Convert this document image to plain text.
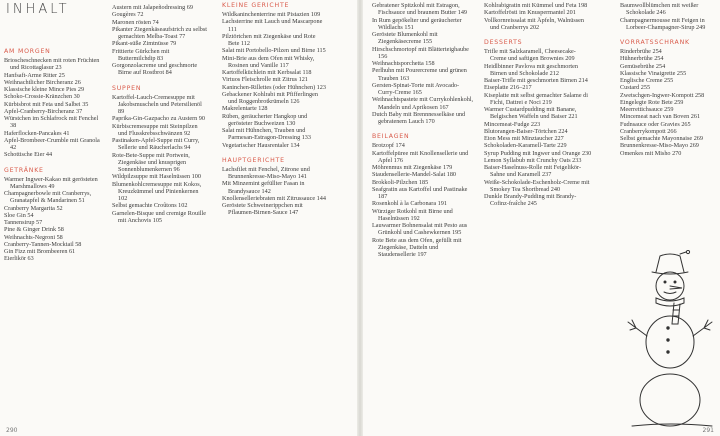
INHALT
AM MORGEN
Brioscheschnecken mit roten Früchten und Ricottaglasur 23
Hanfsaft-Arme Ritter 25
Weihnachtlicher Bircheranz 26
Klassische kleine Mince Pies 29
Schoko-Crossie-Kränzchen 30
Kürbisbrot mit Feta und Salbei 35
Apfel-Cranberry-Bircheranz 37
Würstchen im Schlafrock mit Fenchel 38
Haferflocken-Pancakes 41
Apfel-Brombeer-Crumble mit Granola 42
Schottische Eier 44
GETRÄNKE
Warmer Ingwer-Kakao mit gerösteten Marshmallows 49
Champagnerbowle mit Cranberrys, Granatapfel & Mandarinen 51
Cranberry Margarita 52
Sloe Gin 54
Tannensirup 57
Pine & Ginger Drink 58
Weihnachts-Negroni 58
Cranberry-Tannen-Mocktail 58
Gin Fizz mit Brombeeren 61
Eierlikör 63
Austern mit Jalapeñodressing 69
Gougères 72
Maronen rösten 74
Pikanter Ziegenkäseaufstrich zu selbst gemachten Melba-Toast 77
Pikant-süße Zimtnüsse 79
Frittierte Gürkchen mit Buttermilchdip 83
Gorgonzolacreme und geschmorte Birne auf Rostbrot 84
SUPPEN
Kartoffel-Lauch-Cremesuppe mit Jakobsmuscheln und Petersilienöl 89
Paprika-Gin-Gazpacho zu Austern 90
Kürbiscremesuppe mit Steinpilzen und Flusskrebsschwänzen 92
Pastinaken-Apfel-Suppe mit Curry, Sellerie und Räucherlachs 94
Rote-Bete-Suppe mit Portwein, Ziegenkäse und knusprigen Sonnenblumenkernen 96
Wildpilzsuppe mit Haselnüssen 100
Blumenkohlcremesuppe mit Kokos, Kreuzkümmel und Pinienkernen 102
Selbst gemachte Croûtons 102
Garnelen-Bisque und cremige Rouille mit Anchovis 105
KLEINE GERICHTE
Wildkaninchenterrine mit Pistazien 109
Lachsterrine mit Lauch und Mascarpone 111
Pilztörtchen mit Ziegenkäse und Rote Bete 112
Salat mit Portobello-Pilzen und Birne 115
Mini-Brie aus dem Ofen mit Whisky, Rosinen und Vanille 117
Kartoffelküchlein mit Kerbsalat 118
Virtuos Fleischrolle mit Zitrus 121
Kaninchen-Rillettes (oder Hühnchen) 123
Gebackener Kohlrabi mit Pfifferlingen und Roggenbrotkrümeln 126
Makrelentarte 128
Rüben, geräucherter Hangkop und gerösteter Buchweizen 130
Salat mit Hühnchen, Trauben und Parmesan-Estragon-Dressing 133
Vegetarischer Hausrentaler 134
HAUPTGERICHTE
Lachsfilet mit Fenchel, Zitrone und Brunnenkresse-Miso-Mayo 141
Mit Minzemint gefüllter Fasan in Brandysauce 142
Knollenselleriebraten mit Zitrussauce 144
Geröstete Schweinerippchen mit Pflaumen-Birnen-Sauce 147
Gebratener Spitzkohl mit Estragon, Fischsauce und braunem Butter 149
In Rum gepökelter und geräucherter Wildlachs 151
Geröstete Blumenkohl mit Ziegenkäsecreme 155
Hirschschmortopf mit Blätterteighaube 156
Weihnachtsporchetta 158
Perlhuhn mit Pourercreme und grünen Trauben 163
Gersten-Spinat-Torte mit Avocado-Curry-Creme 165
Weihnachtspastete mit Currykohlenkohl, Mandeln und Aprikosen 167
Dutch Baby mit Brennnesselkäse und gebratenem Lauch 170
BEILAGEN
Brotzopf 174
Kartoffelpüree mit Knollensellerie und Apfel 176
Möhrenmus mit Ziegenkäse 179
Staudensellerie-Mandel-Salat 180
Brokkoli-Pilzchen 185
Seafgratin aus Kartoffel und Pastinake 187
Rosenkohl à la Carbonara 191
Würziger Rotkohl mit Birne und Haselnüssen 192
Lauwarmer Bohnensalat mit Pesto aus Grünkohl und Cashewkernen 195
Rote Bete aus dem Ofen, gefüllt mit Ziegenkäse, Datteln und Staudensellerie 197
Kohlrabigratin mit Kümmel und Feta 198
Kartoffelrösti im Knuspermantel 201
Vollkornreissalat mit Äpfeln, Walnüssen und Cranberrys 202
DESSERTS
Trifle mit Salzkaramell, Cheesecake-Creme und saftigen Brownies 209
Heidlbinner Pavlova mit geschmorten Birnen und Schokolade 212
Baiser-Trifle mit geschmorten Birnen 214
Eiseplatte 216–217
Kiseplatte mit selbst gemachter Salame di Fichi, Dattrei e Noci 219
Warmer Custardpudding mit Banane, Belgischen Waffeln und Baiser 221
Mincemeat-Fudge 223
Blutorangen-Baiser-Törtchen 224
Eton Mess mit Minztaucher 227
Schokoladen-Karamell-Tarte 229
Syrup Pudding mit Ingwer und Orange 230
Lemon Syllabub mit Crunchy Oats 233
Baiser-Haselnuss-Rolle mit Feigelikör-Sahne und Karamell 237
Weiße-Schokolade-Eschenholz-Creme mit Smokey Tea Shortbread 240
Dunkle Brandy-Pudding mit Brandy-Cofinz-fraîche 245
Baumwollblümchen mit weißer Schokolade 246
Champagnermousse mit Feigen in Lorbeer-Champagner-Sirup 249
VORRATSSCHRANK
Rinderbrühe 254
Hühnerbrühe 254
Gemüsebrühe 254
Klassische Vinaigrette 255
Englische Creme 255
Custard 255
Zwetschgen-Ingwer-Kompott 258
Eingelegte Rote Bete 259
Meerrettichsauce 259
Mincemeat nach van Boven 261
Fudnsauce oder Gravies 265
Cranberrykompott 266
Selbst gemachte Mayonnaise 269
Brunnenkresse-Miso-Mayo 269
Omenkes mit Misho 270
290	291
